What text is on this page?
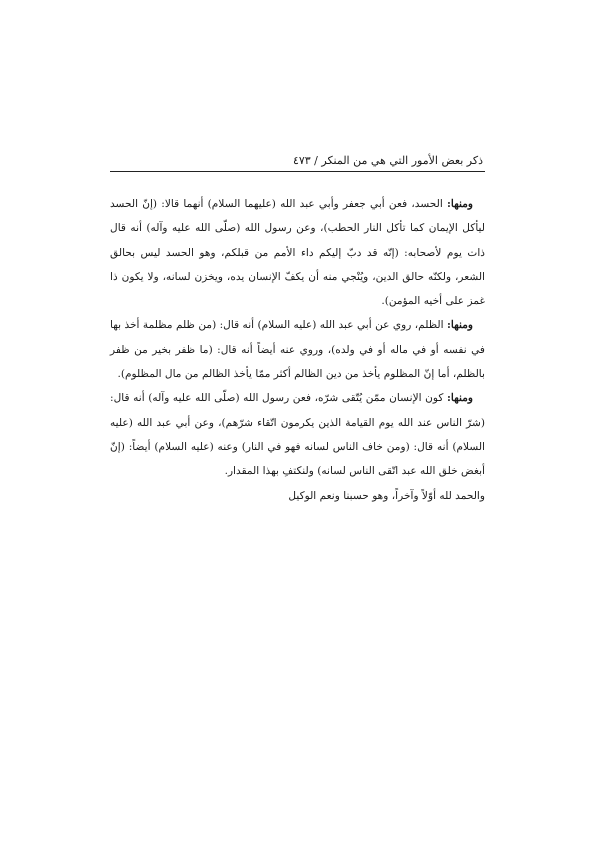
ذكر بعض الأمور التي هي من المنكر / ٤٧٣

ومنها: الحسد، فعن أبي جعفر وأبي عبد الله (عليهما السلام) أنهما قالا: (إنّ الحسد ليأكل الإيمان كما تأكل النار الحطب)، وعن رسول الله (صلّى الله عليه وآله) أنه قال ذات يوم لأصحابه: (إنّه قد دبّ إليكم داء الأمم من قبلكم، وهو الحسد ليس بحالق الشعر، ولكنّه حالق الدين، ويُنْجي منه أن يكفّ الإنسان يده، ويخزن لسانه، ولا يكون ذا غمز على أخيه المؤمن).

ومنها: الظلم، روي عن أبي عبد الله (عليه السلام) أنه قال: (من ظلم مظلمة أخذ بها في نفسه أو في ماله أو في ولده)، وروي عنه أيضاً أنه قال: (ما ظفر بخير من ظفر بالظلم، أما إنّ المظلوم يأخذ من دين الظالم أكثر ممّا يأخذ الظالم من مال المظلوم).

ومنها: كون الإنسان ممّن يُتّقى شرّه، فعن رسول الله (صلّى الله عليه وآله) أنه قال: (شرّ الناس عند الله يوم القيامة الذين يكرمون اتّقاء شرّهم)، وعن أبي عبد الله (عليه السلام) أنه قال: (ومن خاف الناس لسانه فهو في النار) وعنه (عليه السلام) أيضاً: (إنّ أبغض خلق الله عبد اتّقى الناس لسانه) ولنكتفِ بهذا المقدار.

والحمد لله أوّلاً وآخراً، وهو حسبنا ونعم الوكيل
